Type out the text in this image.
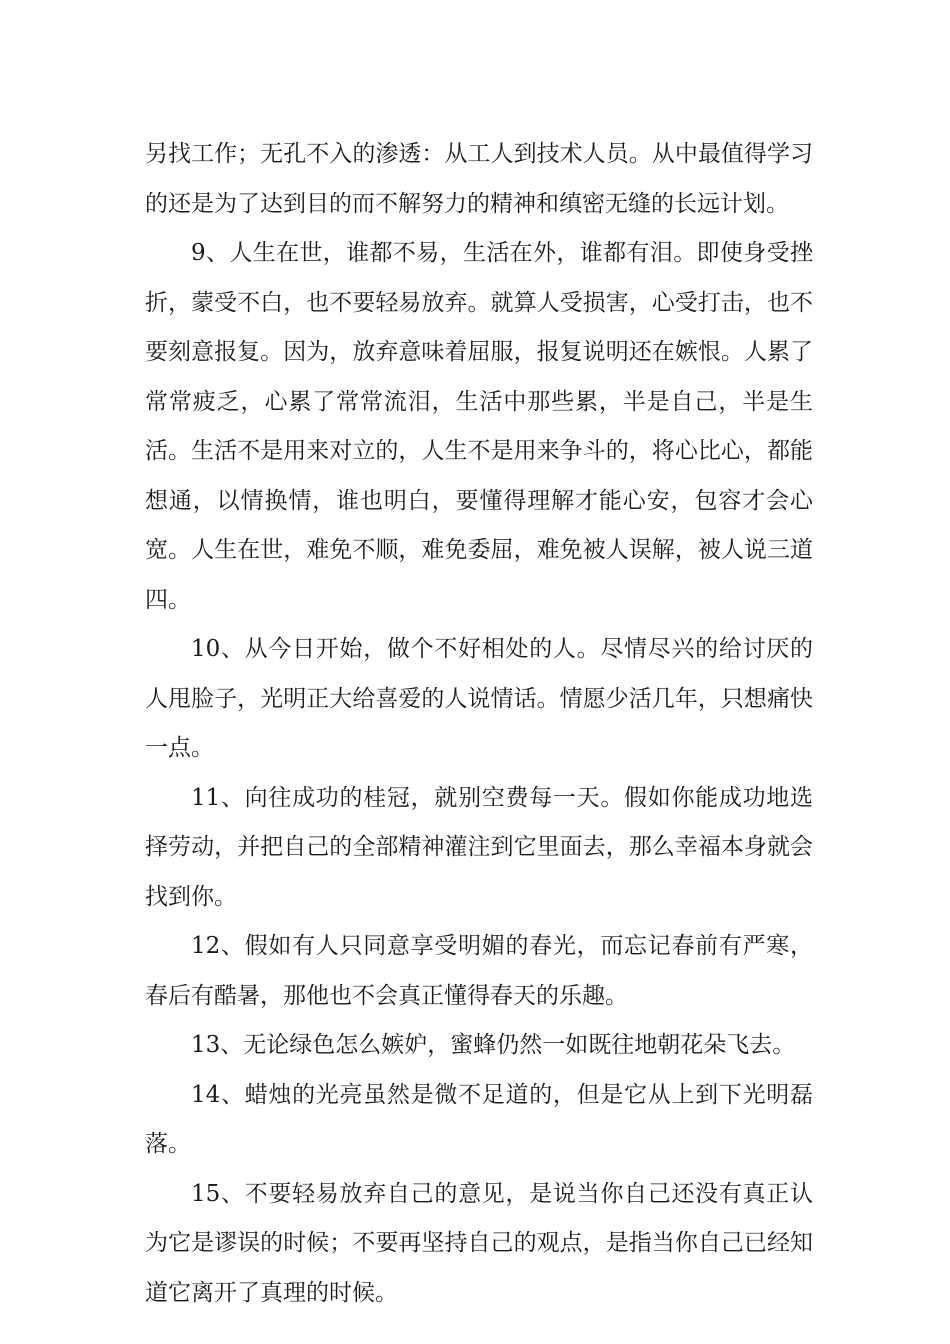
另找工作；无孔不入的渗透：从工人到技术人员。从中最值得学习的还是为了达到目的而不解努力的精神和缜密无缝的长远计划。

9、人生在世，谁都不易，生活在外，谁都有泪。即使身受挫折，蒙受不白，也不要轻易放弃。就算人受损害，心受打击，也不要刻意报复。因为，放弃意味着屈服，报复说明还在嫉恨。人累了常常疲乏，心累了常常流泪，生活中那些累，半是自己，半是生活。生活不是用来对立的，人生不是用来争斗的，将心比心，都能想通，以情换情，谁也明白，要懂得理解才能心安，包容才会心宽。人生在世，难免不顺，难免委屈，难免被人误解，被人说三道四。

10、从今日开始，做个不好相处的人。尽情尽兴的给讨厌的人甩脸子，光明正大给喜爱的人说情话。情愿少活几年，只想痛快一点。

11、向往成功的桂冠，就别空费每一天。假如你能成功地选择劳动，并把自己的全部精神灌注到它里面去，那么幸福本身就会找到你。

12、假如有人只同意享受明媚的春光，而忘记春前有严寒，春后有酷暑，那他也不会真正懂得春天的乐趣。

13、无论绿色怎么嫉妒，蜜蜂仍然一如既往地朝花朵飞去。

14、蜡烛的光亮虽然是微不足道的，但是它从上到下光明磊落。

15、不要轻易放弃自己的意见，是说当你自己还没有真正认为它是谬误的时候；不要再坚持自己的观点，是指当你自己已经知道它离开了真理的时候。
